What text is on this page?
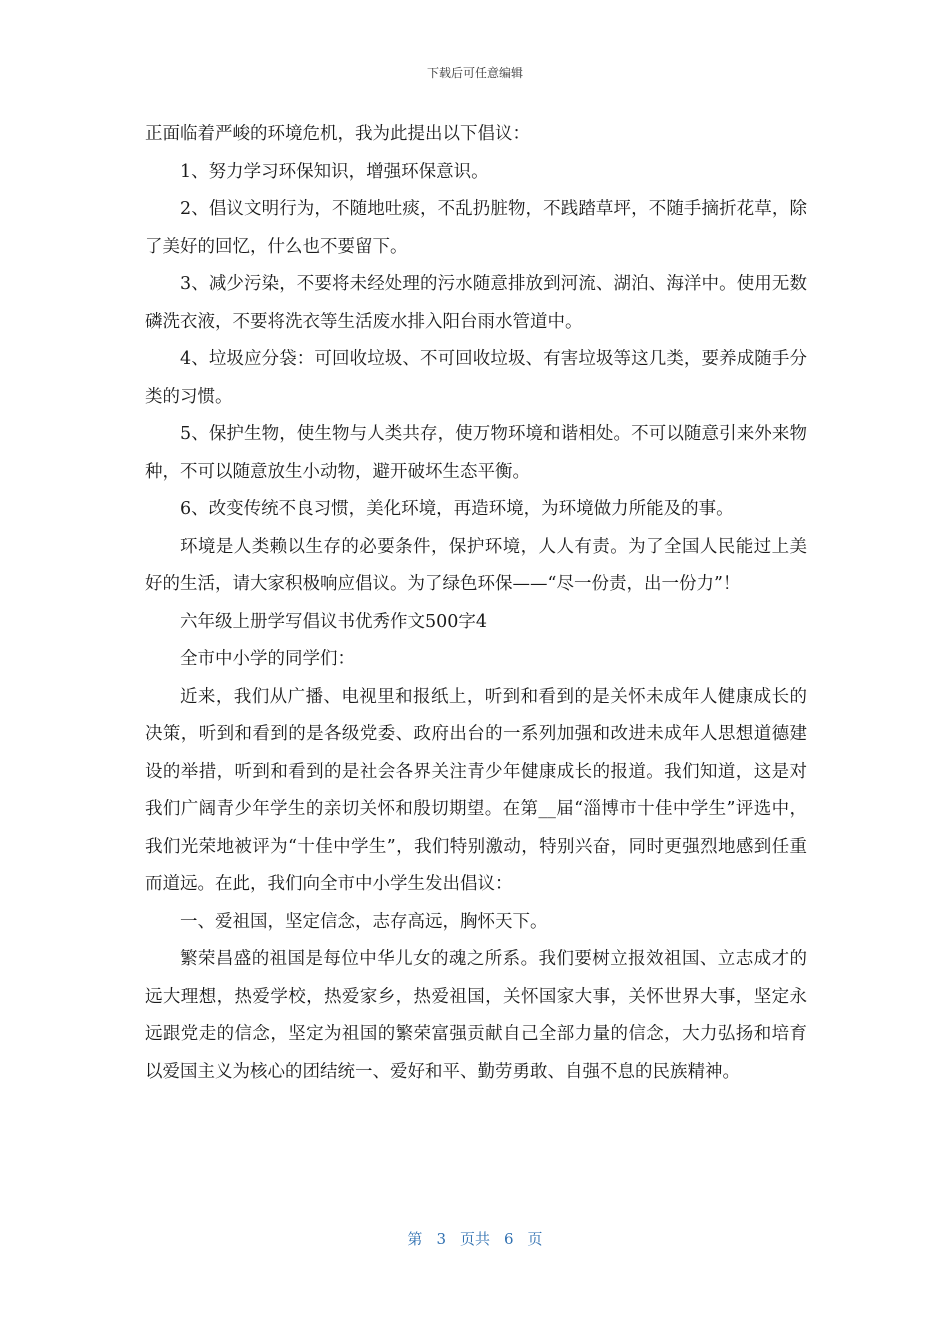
下载后可任意编辑

正面临着严峻的环境危机，我为此提出以下倡议：

1、努力学习环保知识，增强环保意识。

2、倡议文明行为，不随地吐痰，不乱扔脏物，不践踏草坪，不随手摘折花草，除了美好的回忆，什么也不要留下。

3、减少污染，不要将未经处理的污水随意排放到河流、湖泊、海洋中。使用无数磷洗衣液，不要将洗衣等生活废水排入阳台雨水管道中。

4、垃圾应分袋：可回收垃圾、不可回收垃圾、有害垃圾等这几类，要养成随手分类的习惯。

5、保护生物，使生物与人类共存，使万物环境和谐相处。不可以随意引来外来物种，不可以随意放生小动物，避开破坏生态平衡。

6、改变传统不良习惯，美化环境，再造环境，为环境做力所能及的事。

环境是人类赖以生存的必要条件，保护环境，人人有责。为了全国人民能过上美好的生活，请大家积极响应倡议。为了绿色环保——“尽一份责，出一份力”！

六年级上册学写倡议书优秀作文500字4

全市中小学的同学们：

近来，我们从广播、电视里和报纸上，听到和看到的是关怀未成年人健康成长的决策，听到和看到的是各级党委、政府出台的一系列加强和改进未成年人思想道德建设的举措，听到和看到的是社会各界关注青少年健康成长的报道。我们知道，这是对我们广阔青少年学生的亲切关怀和殷切期望。在第__届“淄博市十佳中学生”评选中，我们光荣地被评为“十佳中学生”，我们特别激动，特别兴奋，同时更强烈地感到任重而道远。在此，我们向全市中小学生发出倡议：

一、爱祖国，坚定信念，志存高远，胸怀天下。

繁荣昌盛的祖国是每位中华儿女的魂之所系。我们要树立报效祖国、立志成才的远大理想，热爱学校，热爱家乡，热爱祖国，关怀国家大事，关怀世界大事，坚定永远跟党走的信念，坚定为祖国的繁荣富强贡献自己全部力量的信念，大力弘扬和培育以爱国主义为核心的团结统一、爱好和平、勤劳勇敢、自强不息的民族精神。

第 3 页共 6 页
